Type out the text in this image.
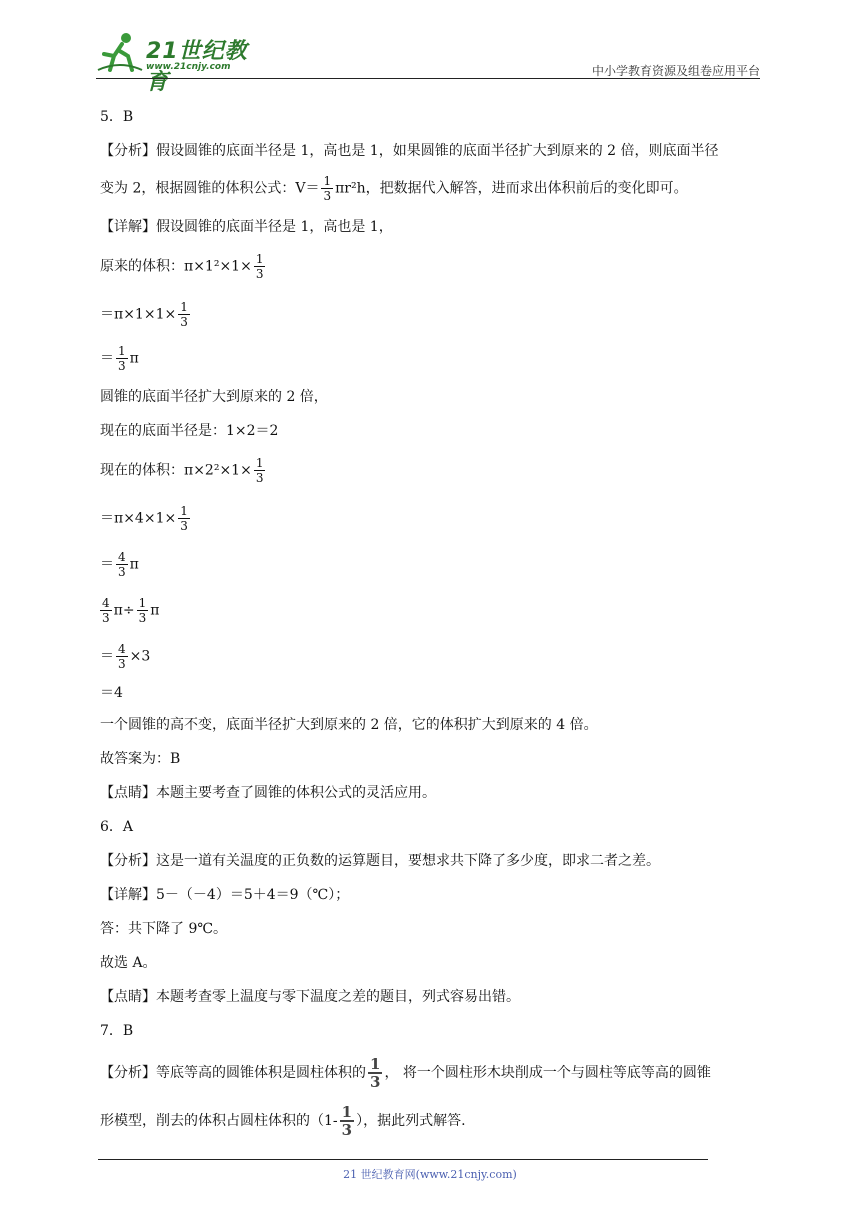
21世纪教育
www.21cnjy.com	中小学教育资源及组卷应用平台
5．B
【分析】假设圆锥的底面半径是 1，高也是 1，如果圆锥的底面半径扩大到原来的 2 倍，则底面半径
变为 2，根据圆锥的体积公式：$V= \frac{1}{3} \pi r^2h$，把数据代入解答，进而求出体积前后的变化即可。
【详解】假设圆锥的底面半径是 1，高也是 1，
原来的体积：$\pi\times 1^2\times 1\times \frac{1}{3}$
$=\pi\times 1\times 1\times \frac{1}{3}$
＝ $\frac{1}{3}$ π
圆锥的底面半径扩大到原来的 2 倍，
现在的底面半径是：1×2＝2
现在的体积：$\pi\times 2^2\times 1\times \frac{1}{3}$
$=\pi\times 4\times 1\times \frac{1}{3}$
＝ $\frac{4}{3}$ π
$\frac{4}{3} \pi\div \frac{1}{3}$ π
＝ $\frac{4}{3} \times 3$
＝4
一个圆锥的高不变，底面半径扩大到原来的 2 倍，它的体积扩大到原来的 4 倍。
故答案为：B
【点睛】本题主要考查了圆锥的体积公式的灵活应用。
6．A
【分析】这是一道有关温度的正负数的运算题目，要想求共下降了多少度，即求二者之差。
【详解】5－（－4）＝5＋4＝9（℃）；
答：共下降了 9℃。
故选 A。
【点睛】本题考查零上温度与零下温度之差的题目，列式容易出错。
7．B
【分析】等底等高的圆锥体积是圆柱体积的 $\frac{1}{3}$ ， 将一个圆柱形木块削成一个与圆柱等底等高的圆锥
形模型，削去的体积占圆柱体积的（$1- \frac{1}{3}$ ），据此列式解答.
21 世纪教育网(www.21cnjy.com)
